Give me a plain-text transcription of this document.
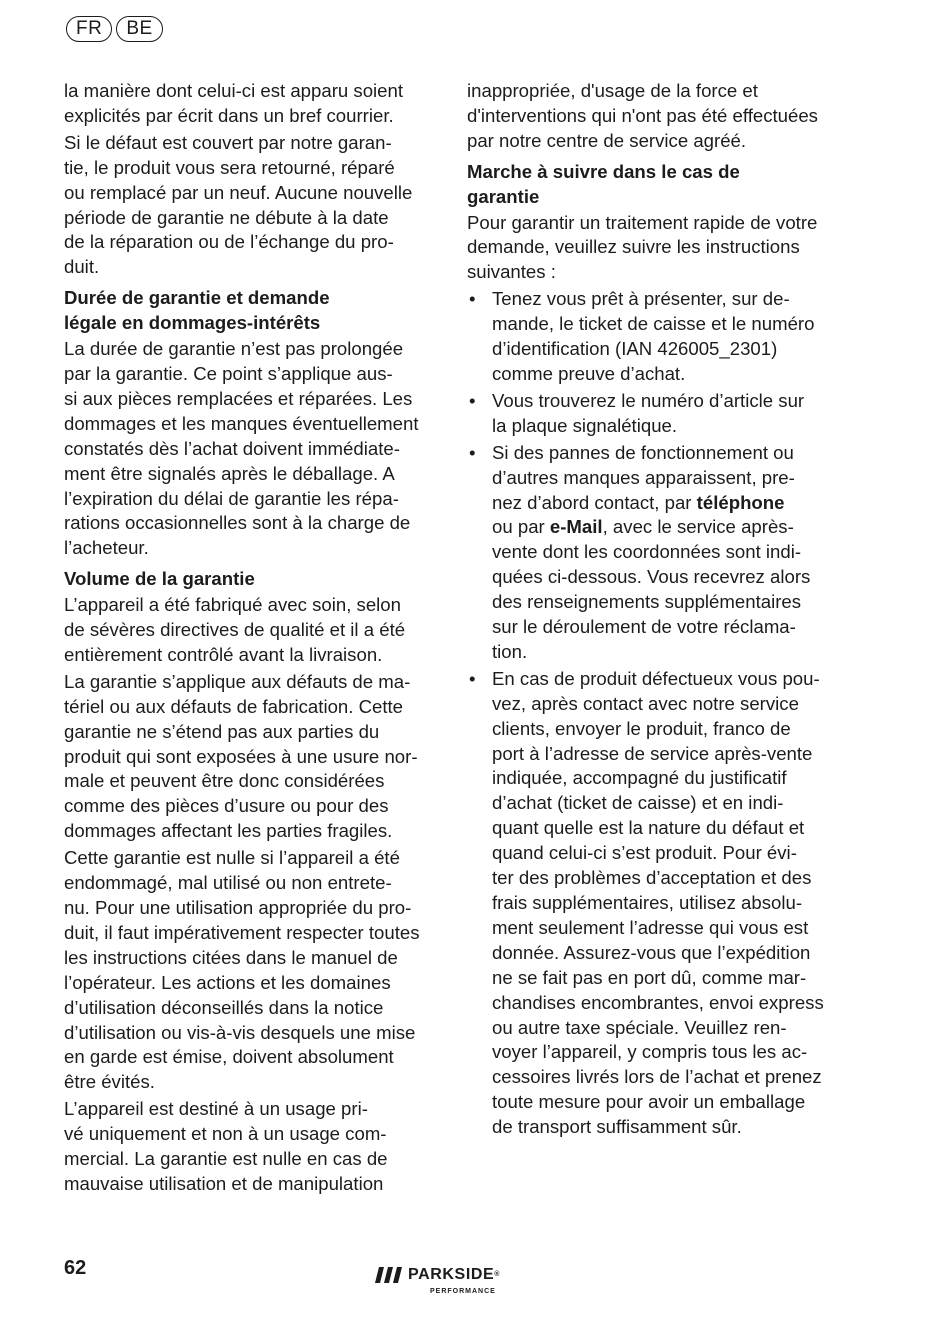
FR	BE

la manière dont celui-ci est apparu soient
explicités par écrit dans un bref courrier.

Si le défaut est couvert par notre garan-
tie, le produit vous sera retourné, réparé
ou remplacé par un neuf. Aucune nouvelle
période de garantie ne débute à la date
de la réparation ou de l’échange du pro-
duit.

Durée de garantie et demande
légale en dommages-intérêts

La durée de garantie n’est pas prolongée
par la garantie. Ce point s’applique aus-
si aux pièces remplacées et réparées. Les
dommages et les manques éventuellement
constatés dès l’achat doivent immédiate-
ment être signalés après le déballage. A
l’expiration du délai de garantie les répa-
rations occasionnelles sont à la charge de
l’acheteur.

Volume de la garantie

L’appareil a été fabriqué avec soin, selon
de sévères directives de qualité et il a été
entièrement contrôlé avant la livraison.

La garantie s’applique aux défauts de ma-
tériel ou aux défauts de fabrication. Cette
garantie ne s’étend pas aux parties du
produit qui sont exposées à une usure nor-
male et peuvent être donc considérées
comme des pièces d’usure ou pour des
dommages affectant les parties fragiles.

Cette garantie est nulle si l’appareil a été
endommagé, mal utilisé ou non entrete-
nu. Pour une utilisation appropriée du pro-
duit, il faut impérativement respecter toutes
les instructions citées dans le manuel de
l’opérateur. Les actions et les domaines
d’utilisation déconseillés dans la notice
d’utilisation ou vis-à-vis desquels une mise
en garde est émise, doivent absolument
être évités.

L’appareil est destiné à un usage pri-
vé uniquement et non à un usage com-
mercial. La garantie est nulle en cas de
mauvaise utilisation et de manipulation

inappropriée, d'usage de la force et
d'interventions qui n'ont pas été effectuées
par notre centre de service agréé.

Marche à suivre dans le cas de
garantie

Pour garantir un traitement rapide de votre
demande, veuillez suivre les instructions
suivantes :

• Tenez vous prêt à présenter, sur de-
mande, le ticket de caisse et le numéro
d’identification (IAN 426005_2301)
comme preuve d’achat.
• Vous trouverez le numéro d’article sur
la plaque signalétique.
• Si des pannes de fonctionnement ou
d’autres manques apparaissent, pre-
nez d’abord contact, par téléphone
ou par e-Mail, avec le service après-
vente dont les coordonnées sont indi-
quées ci-dessous. Vous recevrez alors
des renseignements supplémentaires
sur le déroulement de votre réclama-
tion.
• En cas de produit défectueux vous pou-
vez, après contact avec notre service
clients, envoyer le produit, franco de
port à l’adresse de service après-vente
indiquée, accompagné du justificatif
d’achat (ticket de caisse) et en indi-
quant quelle est la nature du défaut et
quand celui-ci s’est produit. Pour évi-
ter des problèmes d’acceptation et des
frais supplémentaires, utilisez absolu-
ment seulement l’adresse qui vous est
donnée. Assurez-vous que l’expédition
ne se fait pas en port dû, comme mar-
chandises encombrantes, envoi express
ou autre taxe spéciale. Veuillez ren-
voyer l’appareil, y compris tous les ac-
cessoires livrés lors de l’achat et prenez
toute mesure pour avoir un emballage
de transport suffisamment sûr.
62	PARKSIDE®
PERFORMANCE
